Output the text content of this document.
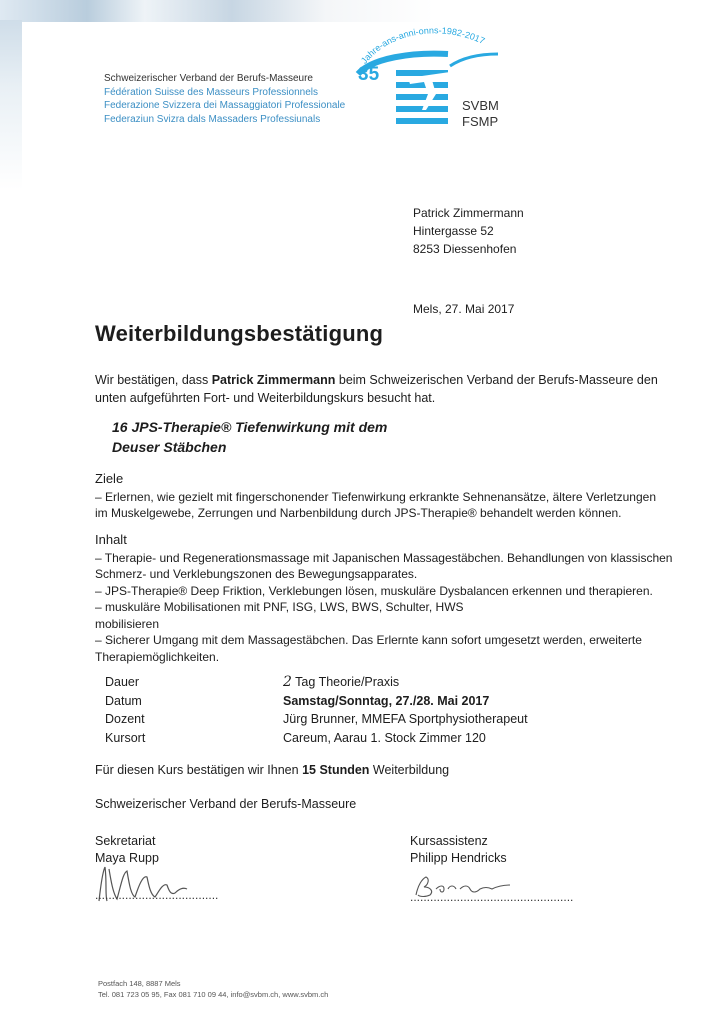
Schweizerischer Verband der Berufs-Masseure
Fédération Suisse des Masseurs Professionnels
Federazione Svizzera dei Massaggiatori Professionale
Federaziun Svizra dals Massaders Professiunals
Jahre-ans-anni-onns-1982-2017
35
SVBM
FSMP
Patrick Zimmermann
Hintergasse 52
8253 Diessenhofen
Mels, 27. Mai 2017
Weiterbildungsbestätigung
Wir bestätigen, dass Patrick Zimmermann beim Schweizerischen Verband der Berufs-Masseure den unten aufgeführten Fort- und Weiterbildungskurs besucht hat.
16 JPS-Therapie® Tiefenwirkung mit dem
Deuser Stäbchen
Ziele
– Erlernen, wie gezielt mit fingerschonender Tiefenwirkung erkrankte Sehnenansätze, ältere Verletzungen
im Muskelgewebe, Zerrungen und Narbenbildung durch JPS-Therapie® behandelt werden können.
Inhalt
– Therapie- und Regenerationsmassage mit Japanischen Massagestäbchen. Behandlungen von klassischen
Schmerz- und Verklebungszonen des Bewegungsapparates.
– JPS-Therapie® Deep Friktion, Verklebungen lösen, muskuläre Dysbalancen erkennen und therapieren.
– muskuläre Mobilisationen mit PNF, ISG, LWS, BWS, Schulter, HWS
mobilisieren
– Sicherer Umgang mit dem Massagestäbchen. Das Erlernte kann sofort umgesetzt werden, erweiterte
Therapiemöglichkeiten.
Dauer	2 Tag Theorie/Praxis
Datum	Samstag/Sonntag, 27./28. Mai 2017
Dozent	Jürg Brunner, MMEFA Sportphysiotherapeut
Kursort	Careum, Aarau 1. Stock Zimmer 120
Für diesen Kurs bestätigen wir Ihnen 15 Stunden Weiterbildung
Schweizerischer Verband der Berufs-Masseure
Sekretariat
Maya Rupp
.....................................
Kursassistenz
Philipp Hendricks
.................................................
Postfach 148, 8887 Mels
Tel. 081 723 05 95, Fax 081 710 09 44, info@svbm.ch, www.svbm.ch
